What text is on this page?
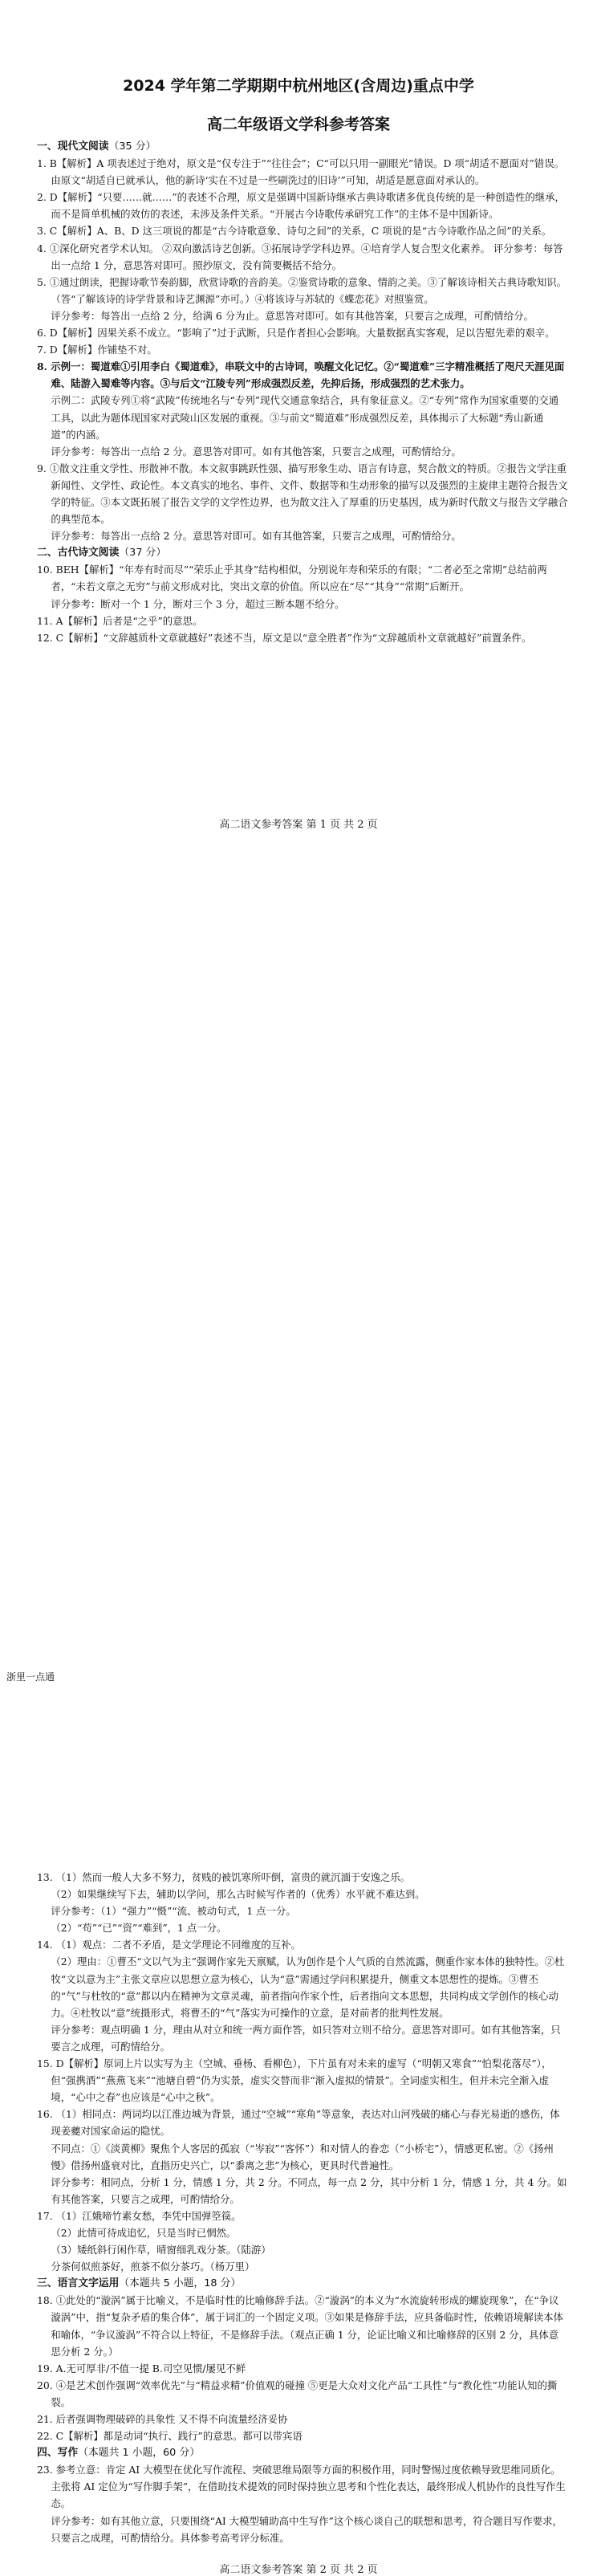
2024 学年第二学期期中杭州地区(含周边)重点中学
高二年级语文学科参考答案
一、现代文阅读（35 分）
1. B【解析】A 项表述过于绝对，原文是“仅专注于”“往往会”；C“可以只用一副眼光”错误。D 项“胡适不愿面对”错误。由原文“胡适自已就承认，他的新诗‘实在不过是一些刷洗过的旧诗’”可知，胡适是愿意面对承认的。
2. D【解析】“只要……就……”的表述不合理，原文是强调中国新诗继承古典诗歌诸多优良传统的是一种创造性的继承，而不是简单机械的效仿的表述，未涉及条件关系。“开展古今诗歌传承研究工作”的主体不是中国新诗。
3. C【解析】A、B、D 这三项说的都是“古今诗歌意象、诗句之间”的关系，C 项说的是“古今诗歌作品之间”的关系。
4. ①深化研究者学术认知。 ②双向激活诗艺创新。③拓展诗学学科边界。④培育学人复合型文化素养。 评分参考：每答出一点给 1 分，意思答对即可。照抄原文，没有简要概括不给分。
5. ①通过朗读，把握诗歌节奏韵脚，欣赏诗歌的音韵美。②鉴赏诗歌的意象、情韵之美。③了解该诗相关古典诗歌知识。（答“了解该诗的诗学背景和诗艺渊源”亦可。）④将该诗与苏轼的《蝶恋花》对照鉴赏。
评分参考：每答出一点给 2 分，给满 6 分为止。意思答对即可。如有其他答案，只要言之成理，可酌情给分。
6. D【解析】因果关系不成立。“影响了”过于武断，只是作者担心会影响。大量数据真实客观，足以告慰先辈的艰辛。
7. D【解析】作铺垫不对。
8. 示例一：蜀道难①引用李白《蜀道难》，串联文中的古诗词，唤醒文化记忆。②“蜀道难”三字精准概括了咫尺天涯见面难、陆游入蜀难等内容。③与后文“江陵专列”形成强烈反差，先抑后扬，形成强烈的艺术张力。
示例二：武陵专列①将“武陵”传统地名与“专列”现代交通意象结合，具有象征意义。②“专列”常作为国家重要的交通工具，以此为题体现国家对武陵山区发展的重视。③与前文“蜀道难”形成强烈反差，具体揭示了大标题“秀山新通道”的内涵。
评分参考：每答出一点给 2 分。意思答对即可。如有其他答案，只要言之成理，可酌情给分。
9. ①散文注重文学性、形散神不散。本文叙事跳跃性强、描写形象生动、语言有诗意，契合散文的特质。②报告文学注重新闻性、文学性、政论性。本文真实的地名、事件、文件、数据等和生动形象的描写以及强烈的主旋律主题符合报告文学的特征。③本文既拓展了报告文学的文学性边界，也为散文注入了厚重的历史基因，成为新时代散文与报告文学融合的典型范本。
评分参考：每答出一点给 2 分。意思答对即可。如有其他答案，只要言之成理，可酌情给分。
二、古代诗文阅读（37 分）
10. BEH【解析】“年寿有时而尽”“荣乐止乎其身”结构相似，分别说年寿和荣乐的有限；“二者必至之常期”总结前两者，“未若文章之无穷”与前文形成对比，突出文章的价值。所以应在“尽”“其身”“常期”后断开。
评分参考：断对一个 1 分，断对三个 3 分，超过三断本题不给分。
11. A【解析】后者是“之乎”的意思。
12. C【解析】“文辞越质朴文章就越好”表述不当，原文是以“意全胜者”作为“文辞越质朴文章就越好”前置条件。
高二语文参考答案 第 1 页 共 2 页
13. （1）然而一般人大多不努力，贫贱的被饥寒所吓倒，富贵的就沉湎于安逸之乐。
（2）如果继续写下去，辅助以学问，那么古时候写作者的（优秀）水平就不难达到。
评分参考：（1）“强力”“慑”“流、被动句式，1 点一分。
（2）“苟”“已”“资”“难到”，1 点一分。
14. （1）观点：二者不矛盾，是文学理论不同维度的互补。
（2）理由：①曹丕“文以气为主”强调作家先天禀赋，认为创作是个人气质的自然流露，侧重作家本体的独特性。②杜牧“文以意为主”主张文章应以思想立意为核心，认为“意”需通过学问积累提升，侧重文本思想性的提炼。③曹丕的“气”与杜牧的“意”都以内在精神为文章灵魂，前者指向作家个性，后者指向文本思想，共同构成文学创作的核心动力。④杜牧以“意”统摄形式，将曹丕的“气”落实为可操作的立意，是对前者的批判性发展。
评分参考：观点明确 1 分，理由从对立和统一两方面作答，如只答对立则不给分。意思答对即可。如有其他答案，只要言之成理，可酌情给分。
15. D【解析】原词上片以实写为主（空城、垂杨、看柳色），下片虽有对未来的虚写（“明朝又寒食”“怕梨花落尽”），但“强携酒”“燕燕飞来”“池塘自碧”仍为实景，虚实交替而非“渐入虚拟的情景”。全词虚实相生，但并未完全渐入虚境，“心中之春”也应该是“心中之秋”。
16. （1）相同点：两词均以江淮边城为背景，通过“空城”“寒角”等意象，表达对山河残破的痛心与春光易逝的感伤，体现姜夔对国家命运的隐忧。
不同点：①《淡黄柳》聚焦个人客居的孤寂（“岑寂”“客怀”）和对情人的眷恋（“小桥宅”），情感更私密。②《扬州慢》借扬州盛衰对比，直指历史兴亡，以“黍离之悲”为核心，更具时代普遍性。
评分参考：相同点，分析 1 分，情感 1 分，共 2 分。不同点，每一点 2 分，其中分析 1 分，情感 1 分，共 4 分。如有其他答案，只要言之成理，可酌情给分。
17. （1）江娥啼竹素女愁，李凭中国弹箜篌。
（2）此情可待成追忆，只是当时已惘然。
（3）矮纸斜行闲作草，晴窗细乳戏分茶。（陆游）
分茶何似煎茶好，煎茶不似分茶巧。（杨万里）
三、语言文字运用（本题共 5 小题，18 分）
18. ①此处的“漩涡”属于比喻义，不是临时性的比喻修辞手法。②“漩涡”的本义为“水流旋转形成的螺旋现象”，在“争议漩涡”中，指“复杂矛盾的集合体”，属于词汇的一个固定义项。③如果是修辞手法，应具备临时性，依赖语境解读本体和喻体，“争议漩涡”不符合以上特征，不是修辞手法。（观点正确 1 分，论证比喻义和比喻修辞的区别 2 分，具体意思分析 2 分。）
19. A.无可厚非/不值一提 B.司空见惯/屡见不鲜
20. ④是艺术创作强调“效率优先”与“精益求精”价值观的碰撞 ⑤更是大众对文化产品“工具性”与“教化性”功能认知的撕裂。
21. 后者强调物理破碎的具象性 又不得不向流量经济妥协
22. C【解析】都是动词“执行、践行”的意思。都可以带宾语
四、写作（本题共 1 小题，60 分）
23. 参考立意：肯定 AI 大模型在优化写作流程、突破思维局限等方面的积极作用，同时警惕过度依赖导致思维同质化。主张将 AI 定位为“写作脚手架”，在借助技术提效的同时保持独立思考和个性化表达，最终形成人机协作的良性写作生态。
评分参考：如有其他立意，只要围绕“AI 大模型辅助高中生写作”这个核心谈自己的联想和思考，符合题目写作要求，只要言之成理，可酌情给分。具体参考高考评分标准。
高二语文参考答案 第 2 页 共 2 页
浙里一点通
